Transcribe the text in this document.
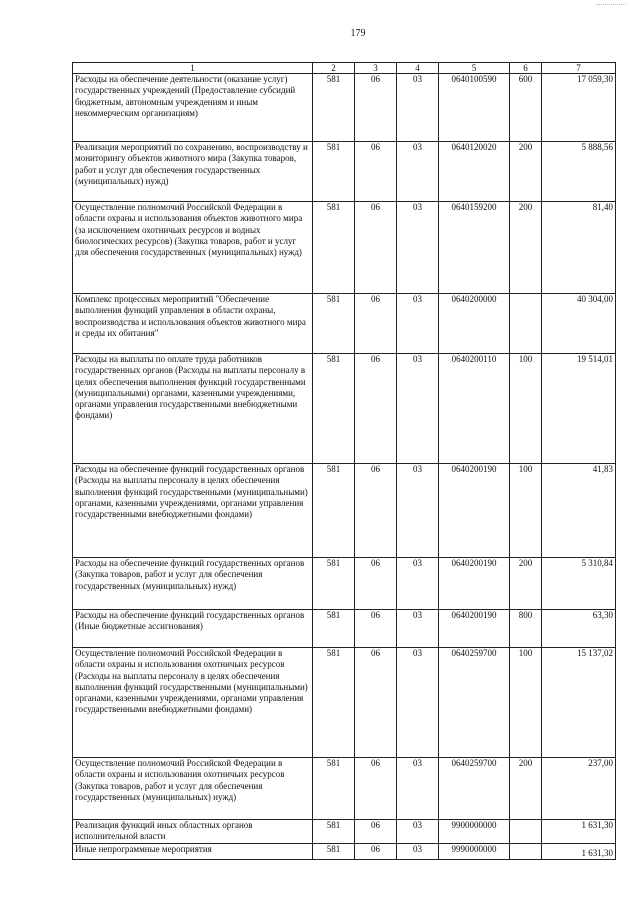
179
1	2	3	4	5	6	7
Расходы на обеспечение деятельности (оказание услуг) государственных учреждений (Предоставление субсидий бюджетным, автономным учреждениям и иным некоммерческим организациям)	581	06	03	0640100590	600	17 059,30
Реализация мероприятий по сохранению, воспроизводству и мониторингу объектов животного мира (Закупка товаров, работ и услуг для обеспечения государственных (муниципальных) нужд)	581	06	03	0640120020	200	5 888,56
Осуществление полномочий Российской Федерации в области охраны и использования объектов животного мира (за исключением охотничьих ресурсов и водных биологических ресурсов) (Закупка товаров, работ и услуг для обеспечения государственных (муниципальных) нужд)	581	06	03	0640159200	200	81,40
Комплекс процессных мероприятий "Обеспечение выполнения функций управления в области охраны, воспроизводства и использования объектов животного мира и среды их обитания"	581	06	03	0640200000		40 304,00
Расходы на выплаты по оплате труда работников государственных органов (Расходы на выплаты персоналу в целях обеспечения выполнения функций государственными (муниципальными) органами, казенными учреждениями, органами управления государственными внебюджетными фондами)	581	06	03	0640200110	100	19 514,01
Расходы на обеспечение функций государственных органов (Расходы на выплаты персоналу в целях обеспечения выполнения функций государственными (муниципальными) органами, казенными учреждениями, органами управления государственными внебюджетными фондами)	581	06	03	0640200190	100	41,83
Расходы на обеспечение функций государственных органов (Закупка товаров, работ и услуг для обеспечения государственных (муниципальных) нужд)	581	06	03	0640200190	200	5 310,84
Расходы на обеспечение функций государственных органов (Иные бюджетные ассигнования)	581	06	03	0640200190	800	63,30
Осуществление полномочий Российской Федерации в области охраны и использования охотничьих ресурсов (Расходы на выплаты персоналу в целях обеспечения выполнения функций государственными (муниципальными) органами, казенными учреждениями, органами управления государственными внебюджетными фондами)	581	06	03	0640259700	100	15 137,02
Осуществление полномочий Российской Федерации в области охраны и использования охотничьих ресурсов (Закупка товаров, работ и услуг для обеспечения государственных (муниципальных) нужд)	581	06	03	0640259700	200	237,00
Реализация функций иных областных органов исполнительной власти	581	06	03	9900000000		1 631,30
Иные непрограммные мероприятия	581	06	03	9990000000		1 631,30
